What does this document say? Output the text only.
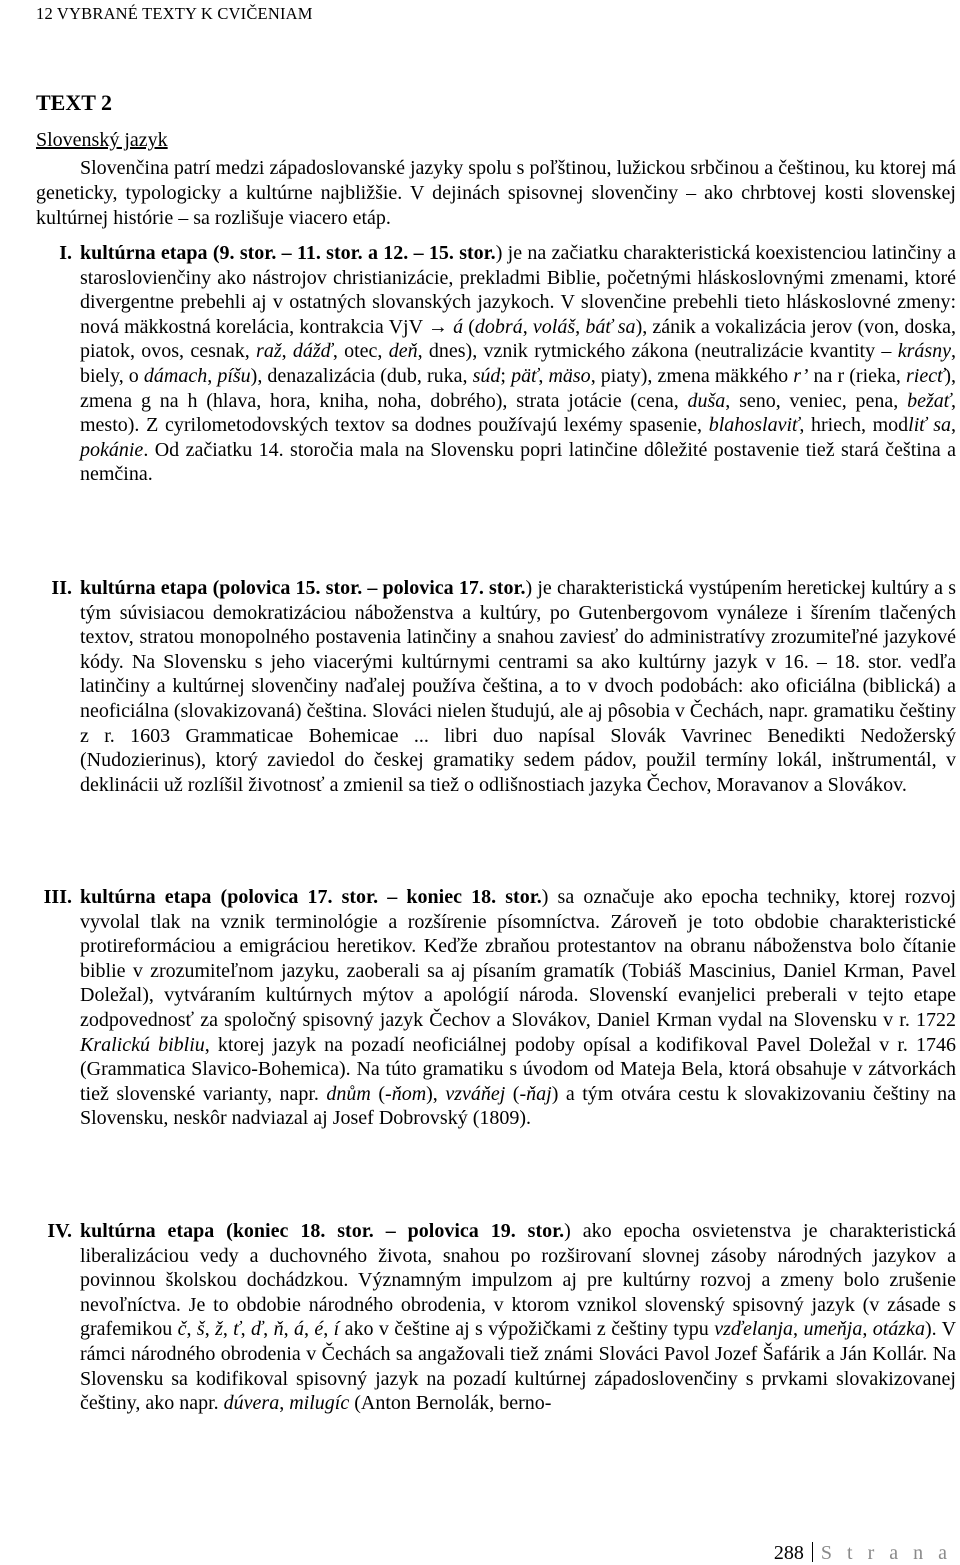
12 VYBRANÉ TEXTY K CVIČENIAM
TEXT 2
Slovenský jazyk

Slovenčina patrí medzi západoslovanské jazyky spolu s poľštinou, lužickou srbčinou a češtinou, ku ktorej má geneticky, typologicky a kultúrne najbližšie. V dejinách spisovnej slovenčiny – ako chrbtovej kosti slovenskej kultúrnej histórie – sa rozlišuje viacero etáp.

I. kultúrna etapa (9. stor. – 11. stor. a 12. – 15. stor.) je na začiatku charakteristická koexistenciou latinčiny a staroslovienčiny ako nástrojov christianizácie, prekladmi Biblie, početnými hláskoslovnými zmenami, ktoré divergentne prebehli aj v ostatných slovanských jazykoch. V slovenčine prebehli tieto hláskoslovné zmeny: nová mäkkostná korelácia, kontrakcia VjV → á (dobrá, voláš, báť sa), zánik a vokalizácia jerov (von, doska, piatok, ovos, cesnak, raž, dážď, otec, deň, dnes), vznik rytmického zákona (neutralizácie kvantity – krásny, biely, o dámach, píšu), denazalizácia (dub, ruka, súd; päť, mäso, piaty), zmena mäkkého r’ na r (rieka, riecť), zmena g na h (hlava, hora, kniha, noha, dobrého), strata jotácie (cena, duša, seno, veniec, pena, bežať, mesto). Z cyrilometodovských textov sa dodnes používajú lexémy spasenie, blahoslaviť, hriech, modliť sa, pokánie. Od začiatku 14. storočia mala na Slovensku popri latinčine dôležité postavenie tiež stará čeština a nemčina.
II. kultúrna etapa (polovica 15. stor. – polovica 17. stor.) je charakteristická vystúpením heretickej kultúry a s tým súvisiacou demokratizáciou náboženstva a kultúry, po Gutenbergovom vynáleze i šírením tlačených textov, stratou monopolného postavenia latinčiny a snahou zaviesť do administratívy zrozumiteľné jazykové kódy. Na Slovensku s jeho viacerými kultúrnymi centrami sa ako kultúrny jazyk v 16. – 18. stor. vedľa latinčiny a kultúrnej slovenčiny naďalej používa čeština, a to v dvoch podobách: ako oficiálna (biblická) a neoficiálna (slovakizovaná) čeština. Slováci nielen študujú, ale aj pôsobia v Čechách, napr. gramatiku češtiny z r. 1603 Grammaticae Bohemicae ... libri duo napísal Slovák Vavrinec Benedikti Nedožerský (Nudozierinus), ktorý zaviedol do českej gramatiky sedem pádov, použil termíny lokál, inštrumentál, v deklinácii už rozlíšil životnosť a zmienil sa tiež o odlišnostiach jazyka Čechov, Moravanov a Slovákov.
III. kultúrna etapa (polovica 17. stor. – koniec 18. stor.) sa označuje ako epocha techniky, ktorej rozvoj vyvolal tlak na vznik terminológie a rozšírenie písomníctva. Zároveň je toto obdobie charakteristické protireformáciou a emigráciou heretikov. Keďže zbraňou protestantov na obranu náboženstva bolo čítanie biblie v zrozumiteľnom jazyku, zaoberali sa aj písaním gramatík (Tobiáš Mascinius, Daniel Krman, Pavel Doležal), vytváraním kultúrnych mýtov a apológií národa. Slovenskí evanjelici preberali v tejto etape zodpovednosť za spoločný spisovný jazyk Čechov a Slovákov, Daniel Krman vydal na Slovensku v r. 1722 Kralickú bibliu, ktorej jazyk na pozadí neoficiálnej podoby opísal a kodifikoval Pavel Doležal v r. 1746 (Grammatica Slavico-Bohemica). Na túto gramatiku s úvodom od Mateja Bela, ktorá obsahuje v zátvorkách tiež slovenské varianty, napr. dnům (-ňom), vzváňej (-ňaj) a tým otvára cestu k slovakizovaniu češtiny na Slovensku, neskôr nadviazal aj Josef Dobrovský (1809).
IV. kultúrna etapa (koniec 18. stor. – polovica 19. stor.) ako epocha osvietenstva je charakteristická liberalizáciou vedy a duchovného života, snahou po rozširovaní slovnej zásoby národných jazykov a povinnou školskou dochádzkou. Významným impulzom aj pre kultúrny rozvoj a zmeny bolo zrušenie nevoľníctva. Je to obdobie národného obrodenia, v ktorom vznikol slovenský spisovný jazyk (v zásade s grafemikou č, š, ž, ť, ď, ň, á, é, í ako v češtine aj s výpožičkami z češtiny typu vzďelanja, umeňja, otázka). V rámci národného obrodenia v Čechách sa angažovali tiež známi Slováci Pavol Jozef Šafárik a Ján Kollár. Na Slovensku sa kodifikoval spisovný jazyk na pozadí kultúrnej západoslovenčiny s prvkami slovakizovanej češtiny, ako napr. dúvera, milugíc (Anton Bernolák, berno-
288 S t r a n a
